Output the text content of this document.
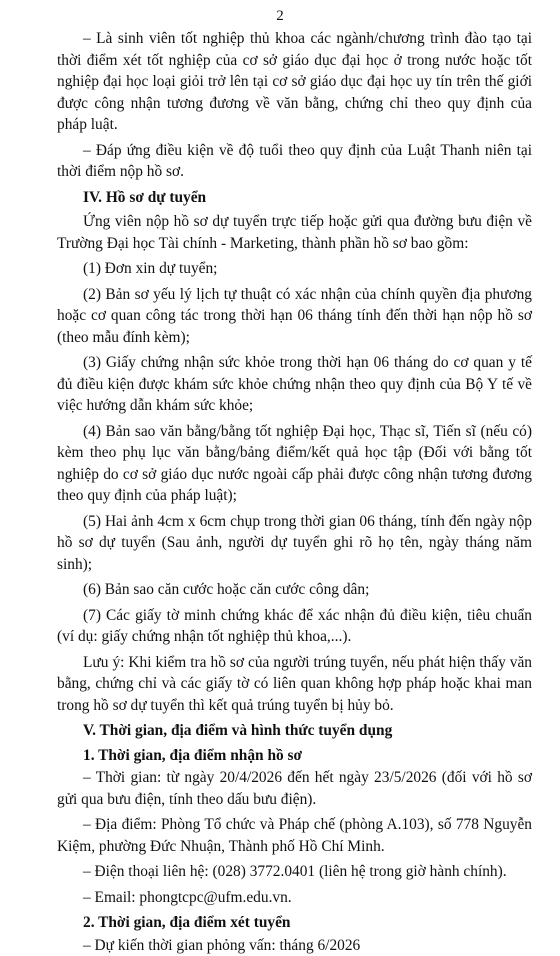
2

– Là sinh viên tốt nghiệp thủ khoa các ngành/chương trình đào tạo tại thời điểm xét tốt nghiệp của cơ sở giáo dục đại học ở trong nước hoặc tốt nghiệp đại học loại giỏi trở lên tại cơ sở giáo dục đại học uy tín trên thế giới được công nhận tương đương về văn bằng, chứng chỉ theo quy định của pháp luật.

– Đáp ứng điều kiện về độ tuổi theo quy định của Luật Thanh niên tại thời điểm nộp hồ sơ.

IV. Hồ sơ dự tuyển

Ứng viên nộp hồ sơ dự tuyển trực tiếp hoặc gửi qua đường bưu điện về Trường Đại học Tài chính - Marketing, thành phần hồ sơ bao gồm:

(1) Đơn xin dự tuyển;

(2) Bản sơ yếu lý lịch tự thuật có xác nhận của chính quyền địa phương hoặc cơ quan công tác trong thời hạn 06 tháng tính đến thời hạn nộp hồ sơ (theo mẫu đính kèm);

(3) Giấy chứng nhận sức khỏe trong thời hạn 06 tháng do cơ quan y tế đủ điều kiện được khám sức khỏe chứng nhận theo quy định của Bộ Y tế về việc hướng dẫn khám sức khỏe;

(4) Bản sao văn bằng/bằng tốt nghiệp Đại học, Thạc sĩ, Tiến sĩ (nếu có) kèm theo phụ lục văn bằng/bảng điểm/kết quả học tập (Đối với bằng tốt nghiệp do cơ sở giáo dục nước ngoài cấp phải được công nhận tương đương theo quy định của pháp luật);

(5) Hai ảnh 4cm x 6cm chụp trong thời gian 06 tháng, tính đến ngày nộp hồ sơ dự tuyển (Sau ảnh, người dự tuyển ghi rõ họ tên, ngày tháng năm sinh);

(6) Bản sao căn cước hoặc căn cước công dân;

(7) Các giấy tờ minh chứng khác để xác nhận đủ điều kiện, tiêu chuẩn (ví dụ: giấy chứng nhận tốt nghiệp thủ khoa,...).

Lưu ý: Khi kiểm tra hồ sơ của người trúng tuyển, nếu phát hiện thấy văn bằng, chứng chỉ và các giấy tờ có liên quan không hợp pháp hoặc khai man trong hồ sơ dự tuyển thì kết quả trúng tuyển bị hủy bỏ.

V. Thời gian, địa điểm và hình thức tuyển dụng
1. Thời gian, địa điểm nhận hồ sơ

– Thời gian: từ ngày 20/4/2026 đến hết ngày 23/5/2026 (đối với hồ sơ gửi qua bưu điện, tính theo dấu bưu điện).

– Địa điểm: Phòng Tổ chức và Pháp chế (phòng A.103), số 778 Nguyễn Kiệm, phường Đức Nhuận, Thành phố Hồ Chí Minh.

– Điện thoại liên hệ: (028) 3772.0401 (liên hệ trong giờ hành chính).

– Email: phongtcpc@ufm.edu.vn.

2. Thời gian, địa điểm xét tuyển

– Dự kiến thời gian phỏng vấn: tháng 6/2026
